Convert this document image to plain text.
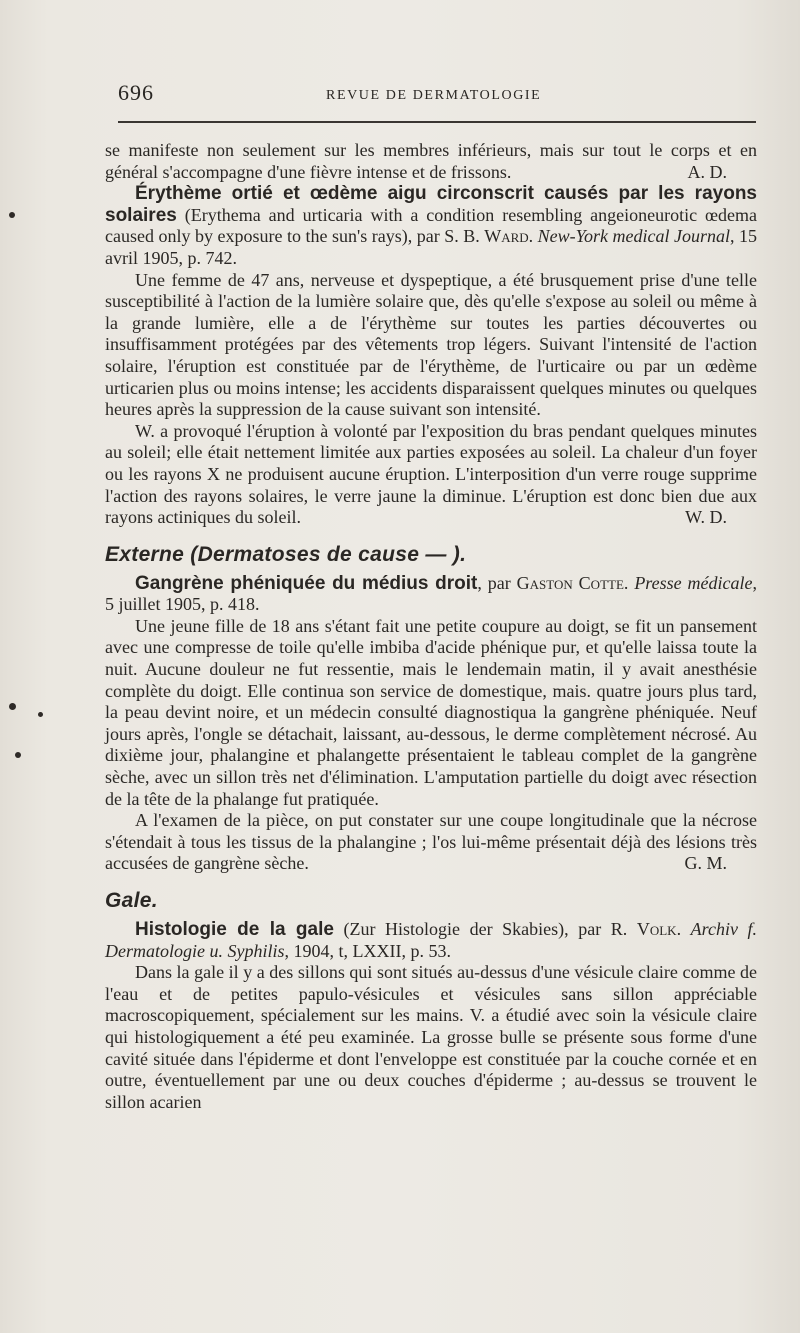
696	REVUE DE DERMATOLOGIE

se manifeste non seulement sur les membres inférieurs, mais sur tout le corps et en général s'accompagne d'une fièvre intense et de frissons.	A. D.

Érythème ortié et œdème aigu circonscrit causés par les rayons solaires (Erythema and urticaria with a condition resembling angeioneurotic œdema caused only by exposure to the sun's rays), par S. B. Ward. New-York medical Journal, 15 avril 1905, p. 742.

Une femme de 47 ans, nerveuse et dyspeptique, a été brusquement prise d'une telle susceptibilité à l'action de la lumière solaire que, dès qu'elle s'expose au soleil ou même à la grande lumière, elle a de l'érythème sur toutes les parties découvertes ou insuffisamment protégées par des vêtements trop légers. Suivant l'intensité de l'action solaire, l'éruption est constituée par de l'érythème, de l'urticaire ou par un œdème urticarien plus ou moins intense; les accidents disparaissent quelques minutes ou quelques heures après la suppression de la cause suivant son intensité.

W. a provoqué l'éruption à volonté par l'exposition du bras pendant quelques minutes au soleil; elle était nettement limitée aux parties exposées au soleil. La chaleur d'un foyer ou les rayons X ne produisent aucune éruption. L'interposition d'un verre rouge supprime l'action des rayons solaires, le verre jaune la diminue. L'éruption est donc bien due aux rayons actiniques du soleil.	W. D.

Externe (Dermatoses de cause — ).

Gangrène phéniquée du médius droit, par Gaston Cotte. Presse médicale, 5 juillet 1905, p. 418.

Une jeune fille de 18 ans s'étant fait une petite coupure au doigt, se fit un pansement avec une compresse de toile qu'elle imbiba d'acide phénique pur, et qu'elle laissa toute la nuit. Aucune douleur ne fut ressentie, mais le lendemain matin, il y avait anesthésie complète du doigt. Elle continua son service de domestique, mais. quatre jours plus tard, la peau devint noire, et un médecin consulté diagnostiqua la gangrène phéniquée. Neuf jours après, l'ongle se détachait, laissant, au-dessous, le derme complètement nécrosé. Au dixième jour, phalangine et phalangette présentaient le tableau complet de la gangrène sèche, avec un sillon très net d'élimination. L'amputation partielle du doigt avec résection de la tête de la phalange fut pratiquée.

A l'examen de la pièce, on put constater sur une coupe longitudinale que la nécrose s'étendait à tous les tissus de la phalangine ; l'os lui-même présentait déjà des lésions très accusées de gangrène sèche.	G. M.

Gale.

Histologie de la gale (Zur Histologie der Skabies), par R. Volk. Archiv f. Dermatologie u. Syphilis, 1904, t, LXXII, p. 53.

Dans la gale il y a des sillons qui sont situés au-dessus d'une vésicule claire comme de l'eau et de petites papulo-vésicules et vésicules sans sillon appréciable macroscopiquement, spécialement sur les mains. V. a étudié avec soin la vésicule claire qui histologiquement a été peu examinée. La grosse bulle se présente sous forme d'une cavité située dans l'épiderme et dont l'enveloppe est constituée par la couche cornée et en outre, éventuellement par une ou deux couches d'épiderme ; au-dessus se trouvent le sillon acarien
